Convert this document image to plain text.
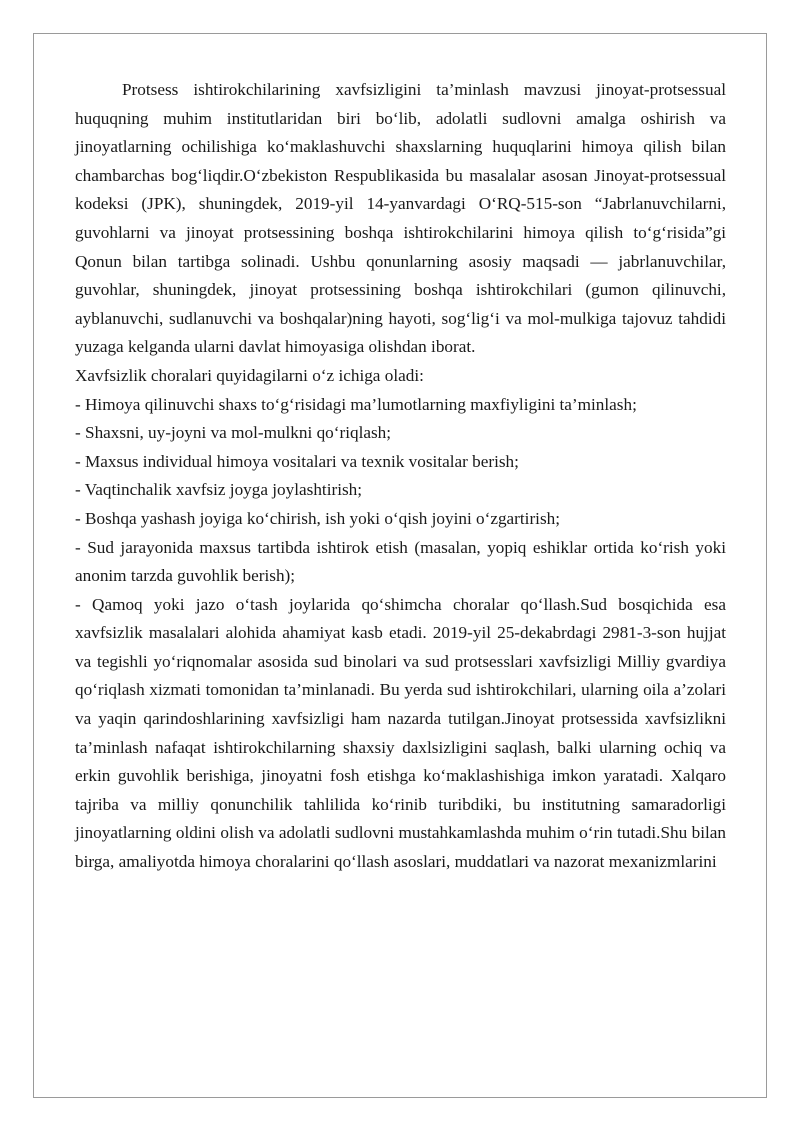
Protsess ishtirokchilarining xavfsizligini ta’minlash mavzusi jinoyat-protsessual huquqning muhim institutlaridan biri bo‘lib, adolatli sudlovni amalga oshirish va jinoyatlarning ochilishiga ko‘maklashuvchi shaxslarning huquqlarini himoya qilish bilan chambarchas bog‘liqdir.O‘zbekiston Respublikasida bu masalalar asosan Jinoyat-protsessual kodeksi (JPK), shuningdek, 2019-yil 14-yanvardagi O‘RQ-515-son “Jabrlanuvchilarni, guvohlarni va jinoyat protsessining boshqa ishtirokchilarini himoya qilish to‘g‘risida”gi Qonun bilan tartibga solinadi. Ushbu qonunlarning asosiy maqsadi — jabrlanuvchilar, guvohlar, shuningdek, jinoyat protsessining boshqa ishtirokchilari (gumon qilinuvchi, ayblanuvchi, sudlanuvchi va boshqalar)ning hayoti, sog‘lig‘i va mol-mulkiga tajovuz tahdidi yuzaga kelganda ularni davlat himoyasiga olishdan iborat.

Xavfsizlik choralari quyidagilarni o‘z ichiga oladi:

- Himoya qilinuvchi shaxs to‘g‘risidagi ma’lumotlarning maxfiyligini ta’minlash;

- Shaxsni, uy-joyni va mol-mulkni qo‘riqlash;

- Maxsus individual himoya vositalari va texnik vositalar berish;

- Vaqtinchalik xavfsiz joyga joylashtirish;

- Boshqa yashash joyiga ko‘chirish, ish yoki o‘qish joyini o‘zgartirish;

- Sud jarayonida maxsus tartibda ishtirok etish (masalan, yopiq eshiklar ortida ko‘rish yoki anonim tarzda guvohlik berish);

- Qamoq yoki jazo o‘tash joylarida qo‘shimcha choralar qo‘llash.Sud bosqichida esa xavfsizlik masalalari alohida ahamiyat kasb etadi. 2019-yil 25-dekabrdagi 2981-3-son hujjat va tegishli yo‘riqnomalar asosida sud binolari va sud protsesslari xavfsizligi Milliy gvardiya qo‘riqlash xizmati tomonidan ta’minlanadi. Bu yerda sud ishtirokchilari, ularning oila a’zolari va yaqin qarindoshlarining xavfsizligi ham nazarda tutilgan.Jinoyat protsessida xavfsizlikni ta’minlash nafaqat ishtirokchilarning shaxsiy daxlsizligini saqlash, balki ularning ochiq va erkin guvohlik berishiga, jinoyatni fosh etishga ko‘maklashishiga imkon yaratadi. Xalqaro tajriba va milliy qonunchilik tahlilida ko‘rinib turibdiki, bu institutning samaradorligi jinoyatlarning oldini olish va adolatli sudlovni mustahkamlashda muhim o‘rin tutadi.Shu bilan birga, amaliyotda himoya choralarini qo‘llash asoslari, muddatlari va nazorat mexanizmlarini
